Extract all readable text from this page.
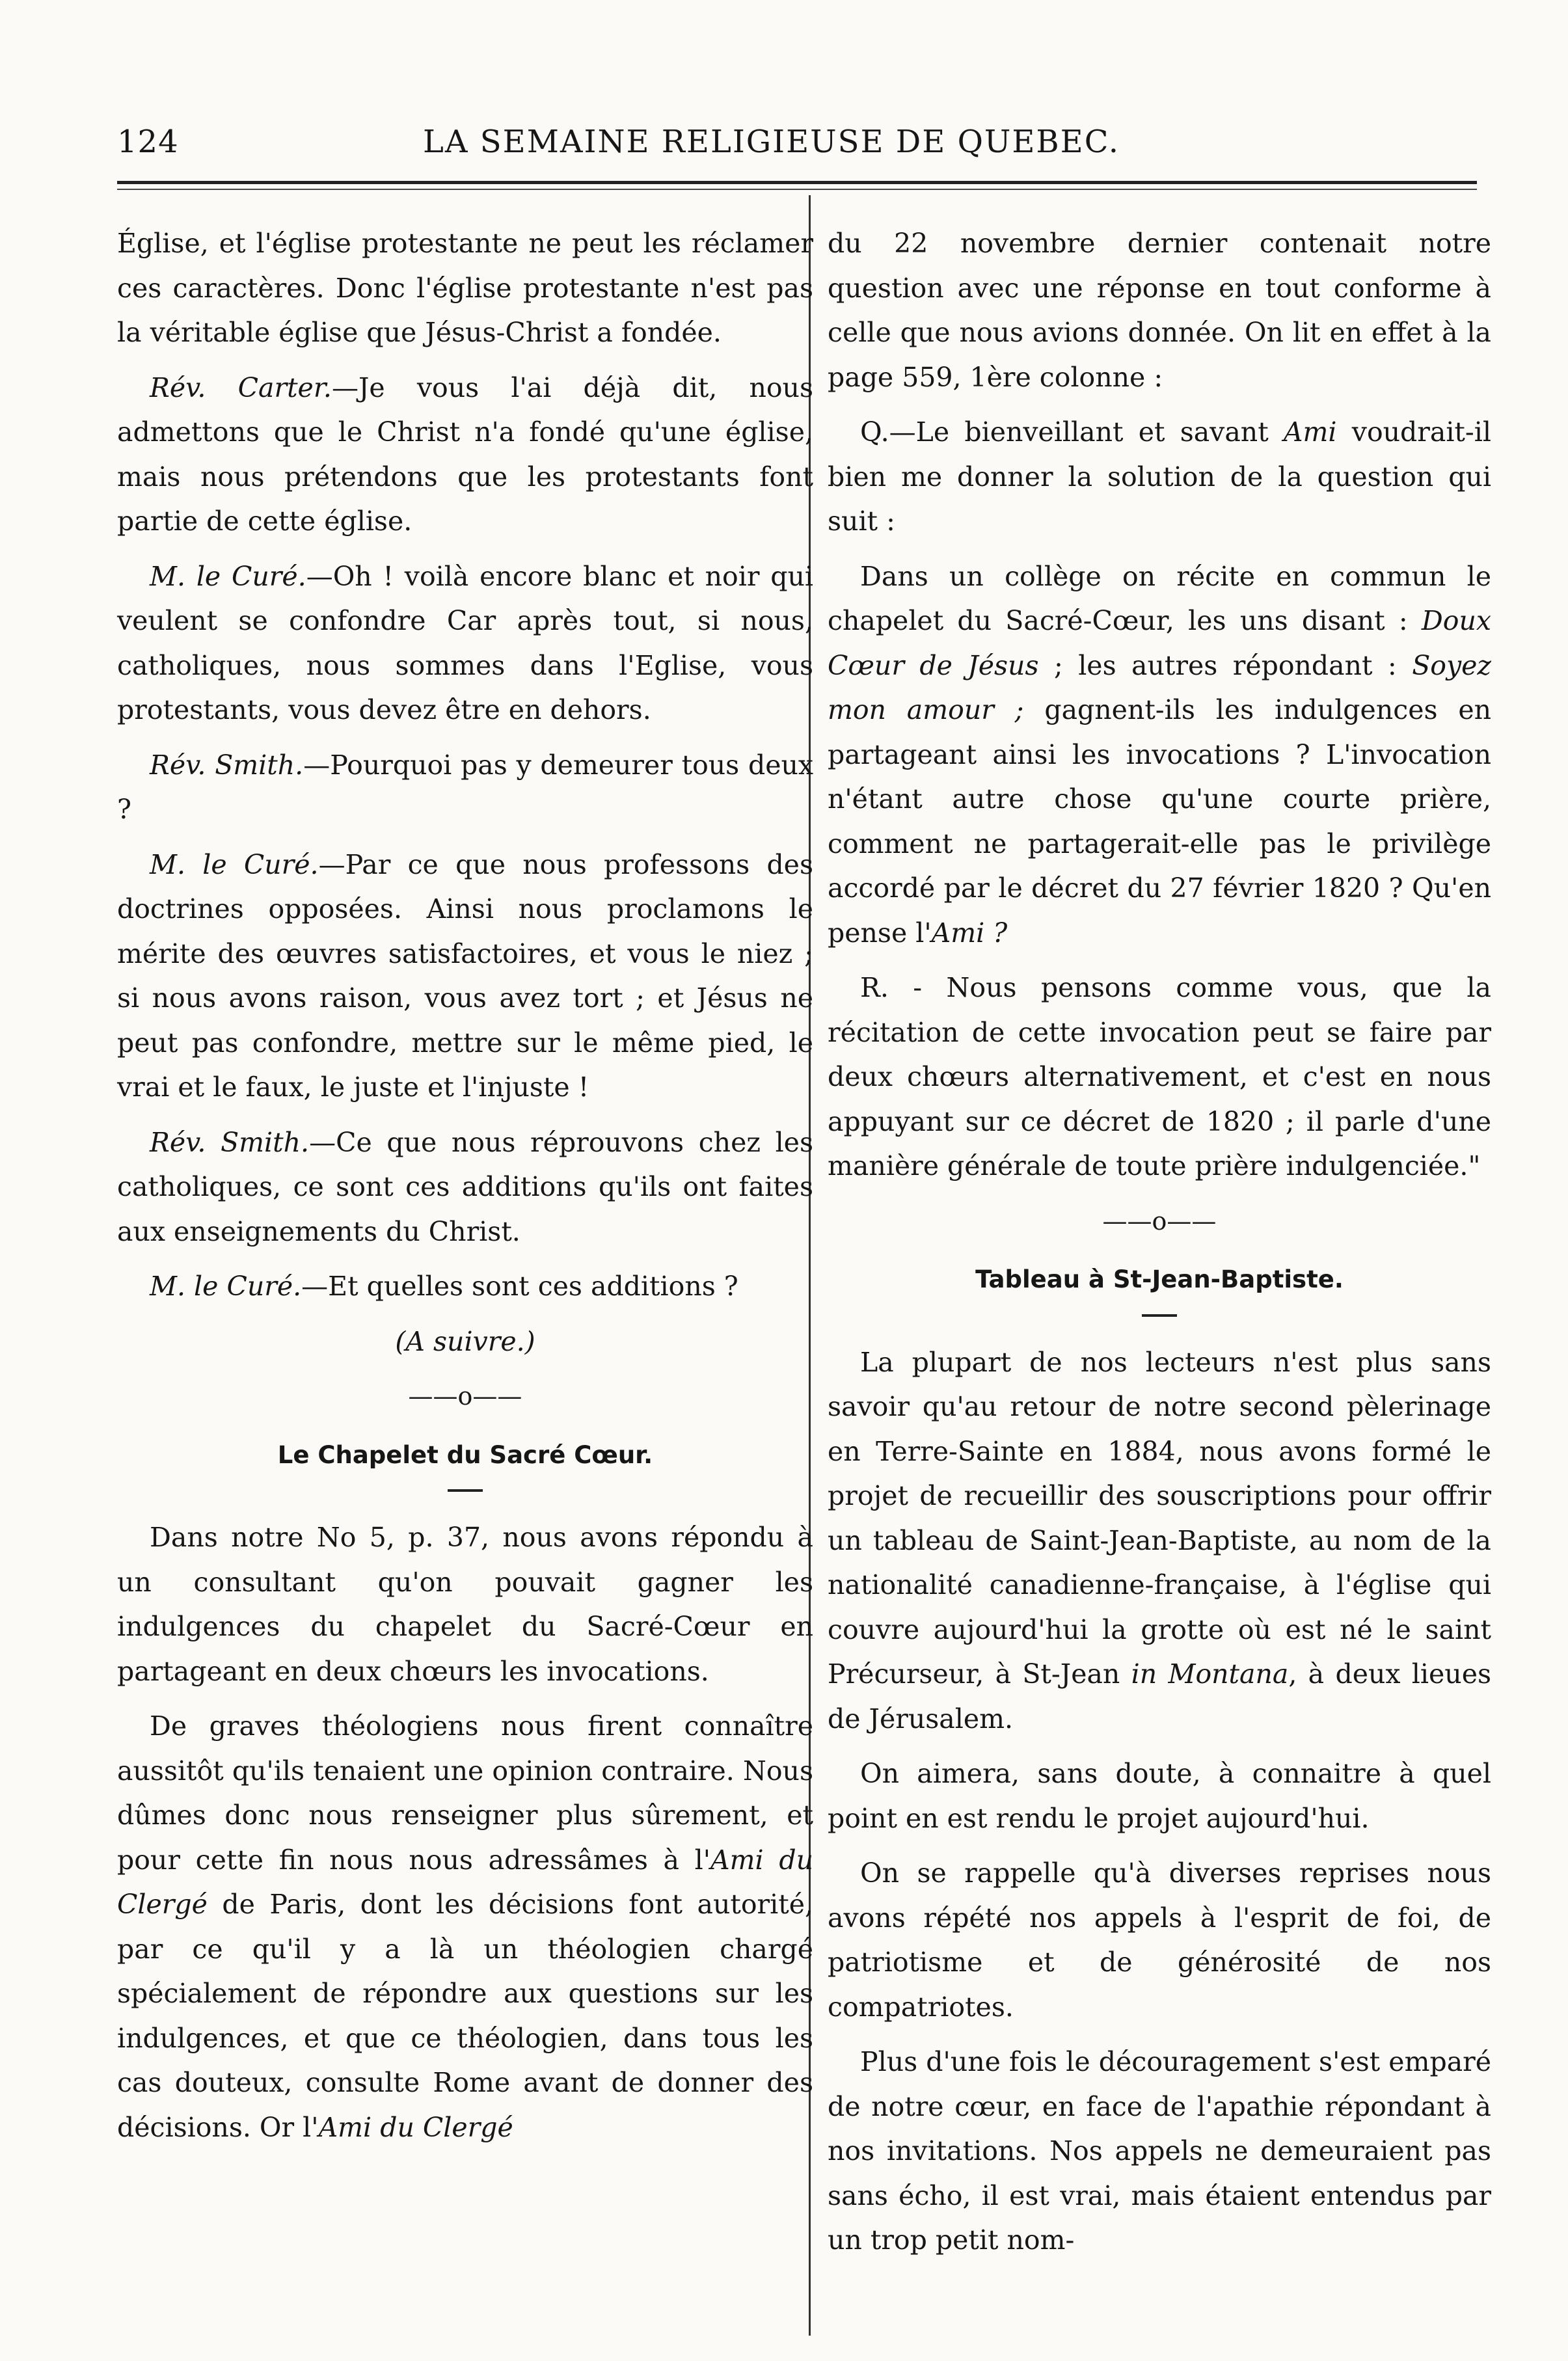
124	LA SEMAINE RELIGIEUSE DE QUEBEC.

Église, et l'église protestante ne peut les réclamer ces caractères. Donc l'église protestante n'est pas la véritable église que Jésus-Christ a fondée.

Rév. Carter.—Je vous l'ai déjà dit, nous admettons que le Christ n'a fondé qu'une église, mais nous prétendons que les protestants font partie de cette église.

M. le Curé.—Oh ! voilà encore blanc et noir qui veulent se confondre Car après tout, si nous, catholiques, nous sommes dans l'Eglise, vous protestants, vous devez être en dehors.

Rév. Smith.—Pourquoi pas y demeurer tous deux ?

M. le Curé.—Par ce que nous professons des doctrines opposées. Ainsi nous proclamons le mérite des œuvres satisfactoires, et vous le niez ; si nous avons raison, vous avez tort ; et Jésus ne peut pas confondre, mettre sur le même pied, le vrai et le faux, le juste et l'injuste !

Rév. Smith.—Ce que nous réprouvons chez les catholiques, ce sont ces additions qu'ils ont faites aux enseignements du Christ.

M. le Curé.—Et quelles sont ces additions ?

(A suivre.)

——o——
Le Chapelet du Sacré Cœur.

Dans notre No 5, p. 37, nous avons répondu à un consultant qu'on pouvait gagner les indulgences du chapelet du Sacré-Cœur en partageant en deux chœurs les invocations.

De graves théologiens nous firent connaître aussitôt qu'ils tenaient une opinion contraire. Nous dûmes donc nous renseigner plus sûrement, et pour cette fin nous nous adressâmes à l'Ami du Clergé de Paris, dont les décisions font autorité, par ce qu'il y a là un théologien chargé spécialement de répondre aux questions sur les indulgences, et que ce théologien, dans tous les cas douteux, consulte Rome avant de donner des décisions. Or l'Ami du Clergé

du 22 novembre dernier contenait notre question avec une réponse en tout conforme à celle que nous avions donnée. On lit en effet à la page 559, 1ère colonne :

Q.—Le bienveillant et savant Ami voudrait-il bien me donner la solution de la question qui suit :

Dans un collège on récite en commun le chapelet du Sacré-Cœur, les uns disant : Doux Cœur de Jésus ; les autres répondant : Soyez mon amour ; gagnent-ils les indulgences en partageant ainsi les invocations ? L'invocation n'étant autre chose qu'une courte prière, comment ne partagerait-elle pas le privilège accordé par le décret du 27 février 1820 ? Qu'en pense l'Ami ?

R. - Nous pensons comme vous, que la récitation de cette invocation peut se faire par deux chœurs alternativement, et c'est en nous appuyant sur ce décret de 1820 ; il parle d'une manière générale de toute prière indulgenciée."

——o——
Tableau à St-Jean-Baptiste.

La plupart de nos lecteurs n'est plus sans savoir qu'au retour de notre second pèlerinage en Terre-Sainte en 1884, nous avons formé le projet de recueillir des souscriptions pour offrir un tableau de Saint-Jean-Baptiste, au nom de la nationalité canadienne-française, à l'église qui couvre aujourd'hui la grotte où est né le saint Précurseur, à St-Jean in Montana, à deux lieues de Jérusalem.

On aimera, sans doute, à connaitre à quel point en est rendu le projet aujourd'hui.

On se rappelle qu'à diverses reprises nous avons répété nos appels à l'esprit de foi, de patriotisme et de générosité de nos compatriotes.

Plus d'une fois le découragement s'est emparé de notre cœur, en face de l'apathie répondant à nos invitations. Nos appels ne demeuraient pas sans écho, il est vrai, mais étaient entendus par un trop petit nom-
